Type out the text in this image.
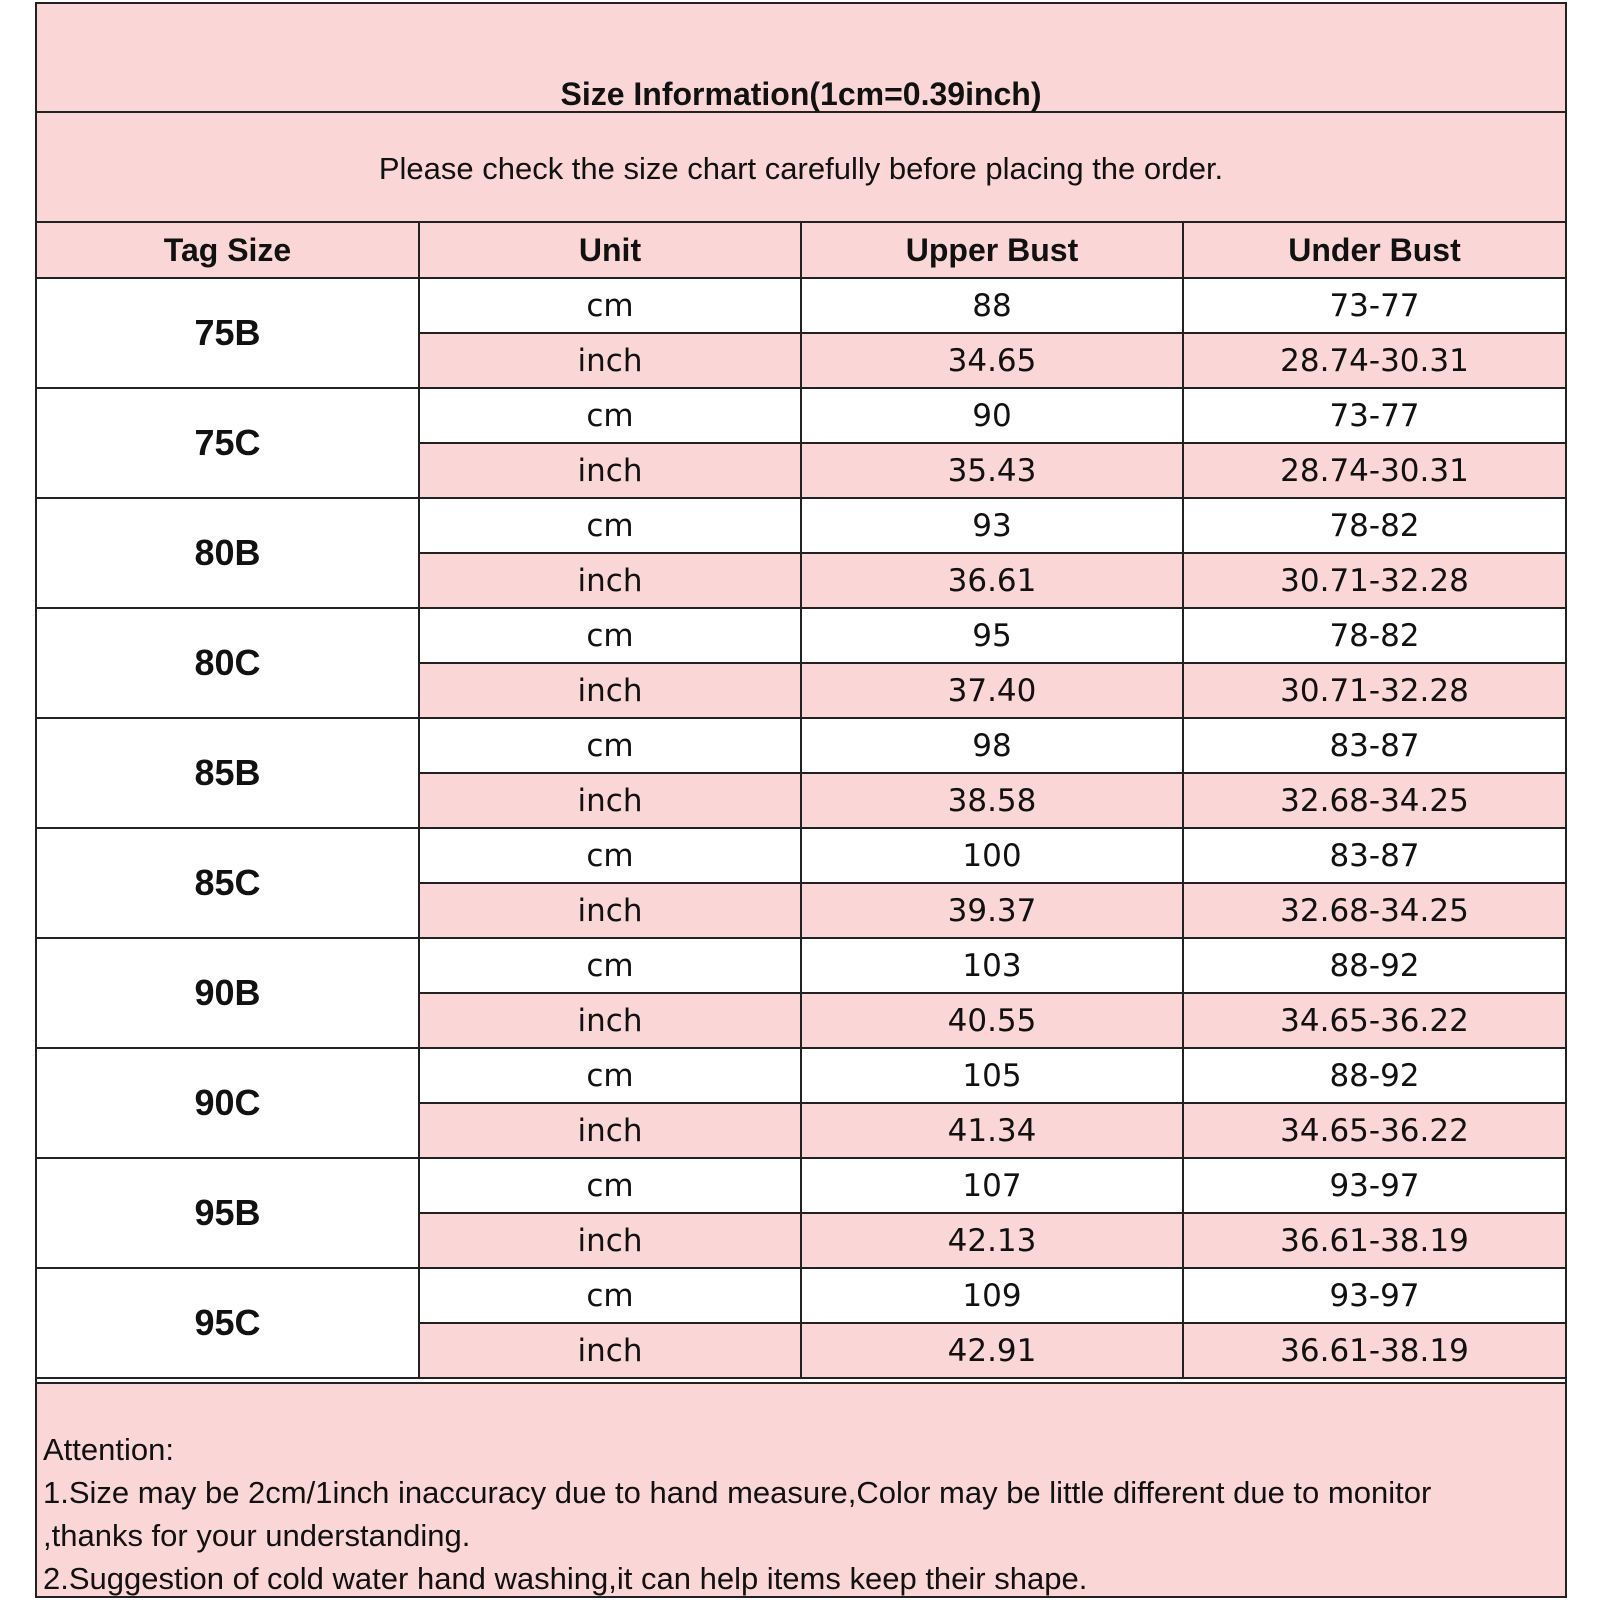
Size Information(1cm=0.39inch)
Please check the size chart carefully before placing the order.
Tag Size	Unit	Upper Bust	Under Bust
75B	cm	88	73-77
	inch	34.65	28.74-30.31
75C	cm	90	73-77
	inch	35.43	28.74-30.31
80B	cm	93	78-82
	inch	36.61	30.71-32.28
80C	cm	95	78-82
	inch	37.40	30.71-32.28
85B	cm	98	83-87
	inch	38.58	32.68-34.25
85C	cm	100	83-87
	inch	39.37	32.68-34.25
90B	cm	103	88-92
	inch	40.55	34.65-36.22
90C	cm	105	88-92
	inch	41.34	34.65-36.22
95B	cm	107	93-97
	inch	42.13	36.61-38.19
95C	cm	109	93-97
	inch	42.91	36.61-38.19
Attention:
1.Size may be 2cm/1inch inaccuracy due to hand measure,Color may be little different due to monitor
,thanks for your understanding.
2.Suggestion of cold water hand washing,it can help items keep their shape.
